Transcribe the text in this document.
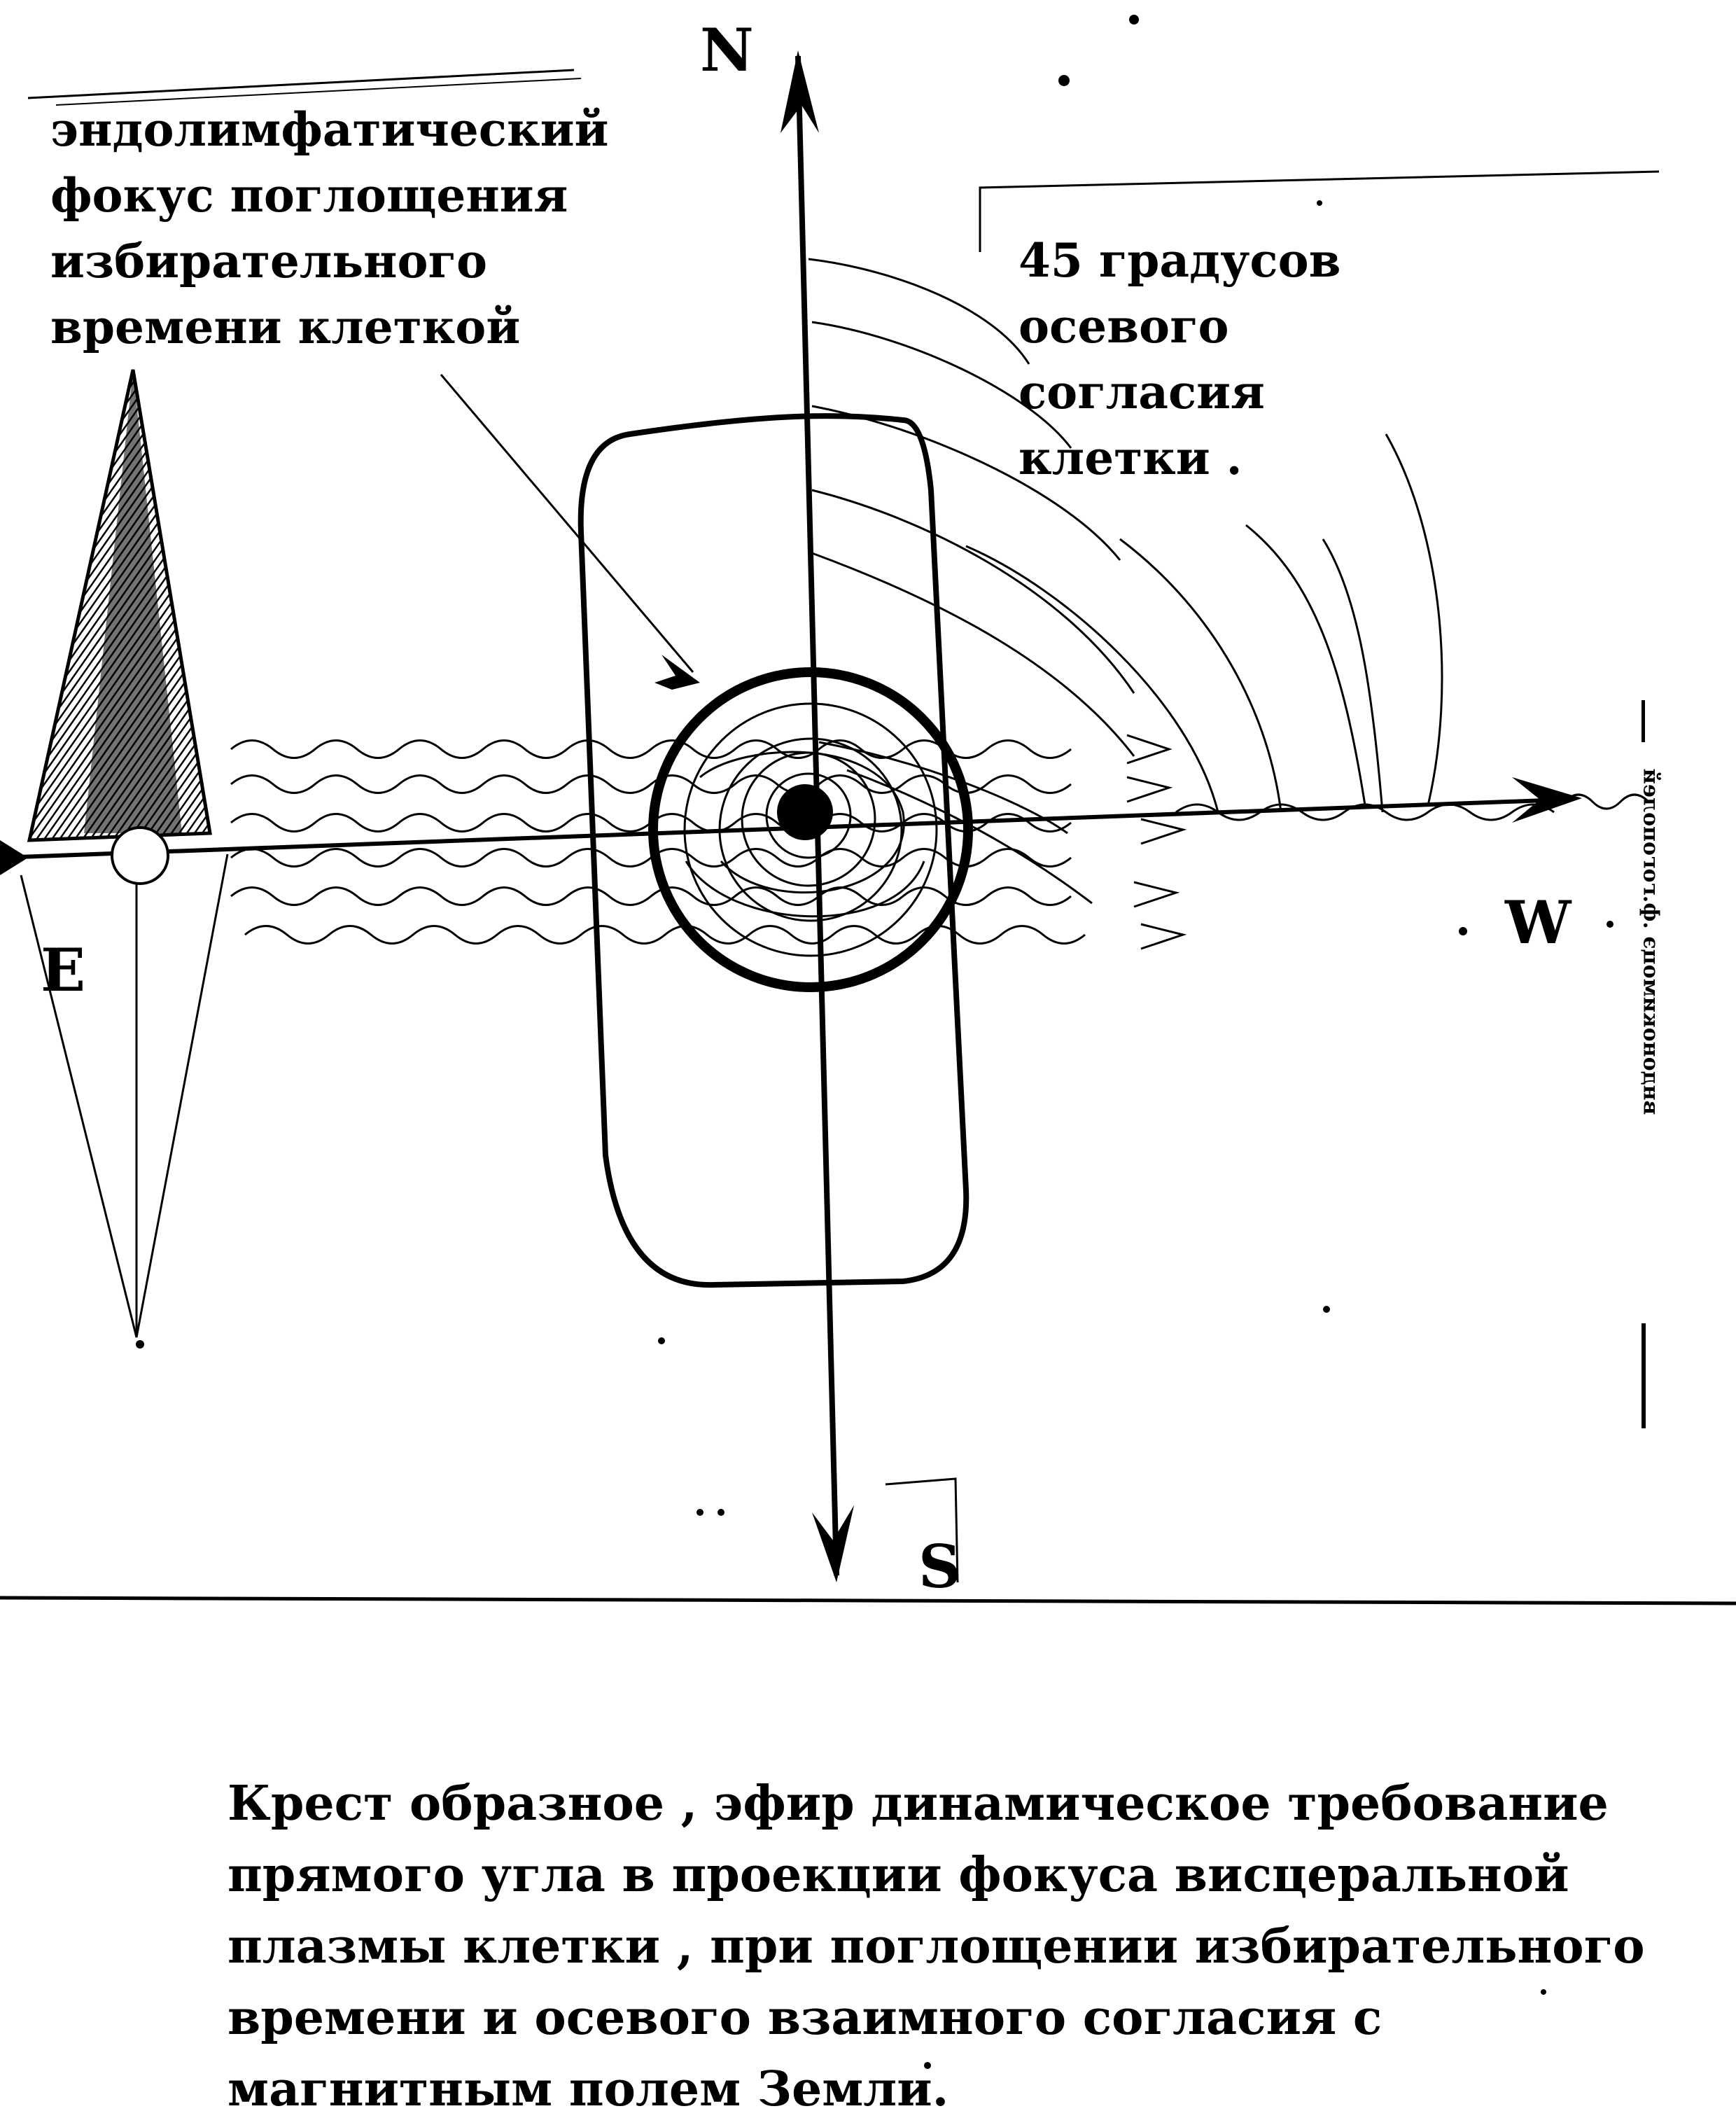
эндолимфатический
фокус поглощения
избирательного
времени клеткой
45 градусов
осевого
согласия
клетки .
N
S
W
E	вндонокимоцэ .ф.гогополей
Крест образное , эфир динамическое требование
прямого угла в проекции фокуса висцеральной
плазмы клетки , при поглощении избирательного
времени и осевого взаимного согласия с
магнитным полем Земли.
